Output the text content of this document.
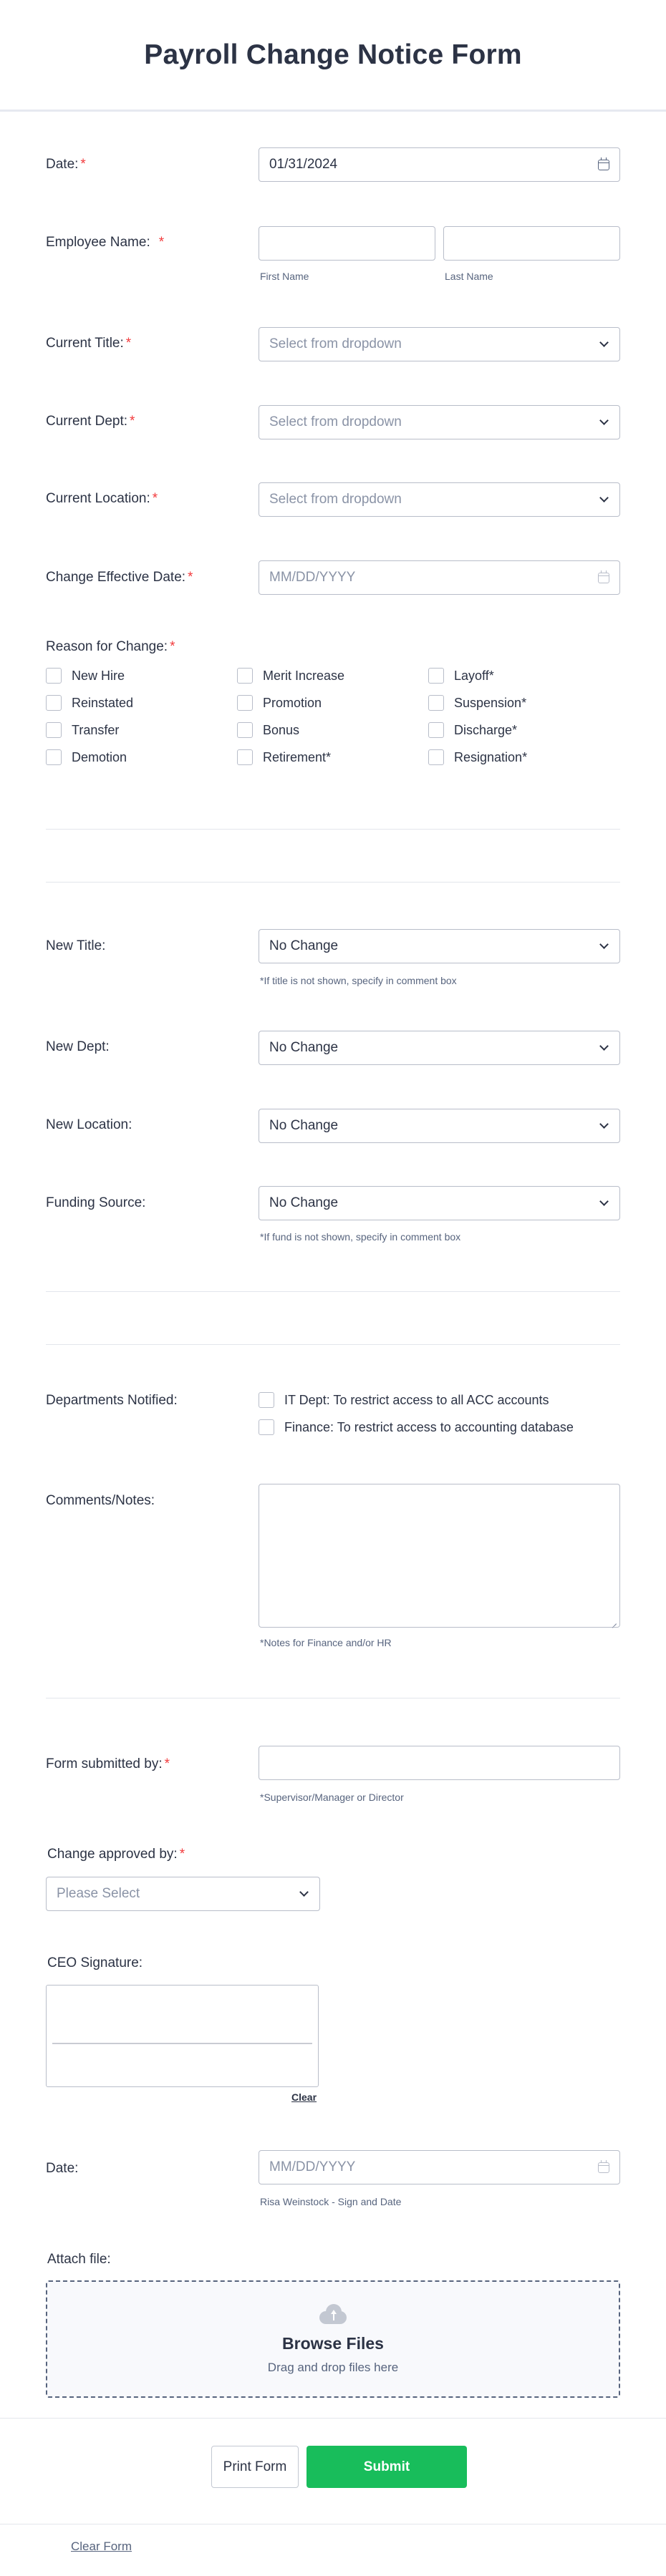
Payroll Change Notice Form
Date: *	01/31/2024
Employee Name: *
First Name	Last Name
Current Title: *	Select from dropdown
Current Dept: *	Select from dropdown
Current Location: *	Select from dropdown
Change Effective Date: *	MM/DD/YYYY
Reason for Change: *
New Hire
Reinstated
Transfer
Demotion
Merit Increase
Promotion
Bonus
Retirement*
Layoff*
Suspension*
Discharge*
Resignation*
New Title:	No Change
*If title is not shown, specify in comment box
New Dept:	No Change
New Location:	No Change
Funding Source:	No Change
*If fund is not shown, specify in comment box
Departments Notified:	IT Dept: To restrict access to all ACC accounts
Finance: To restrict access to accounting database
Comments/Notes:
*Notes for Finance and/or HR
Form submitted by: *
*Supervisor/Manager or Director
Change approved by: *
Please Select
CEO Signature:
Clear
Date:	MM/DD/YYYY
Risa Weinstock - Sign and Date
Attach file:
Browse Files
Drag and drop files here
Print Form	Submit
Clear Form
